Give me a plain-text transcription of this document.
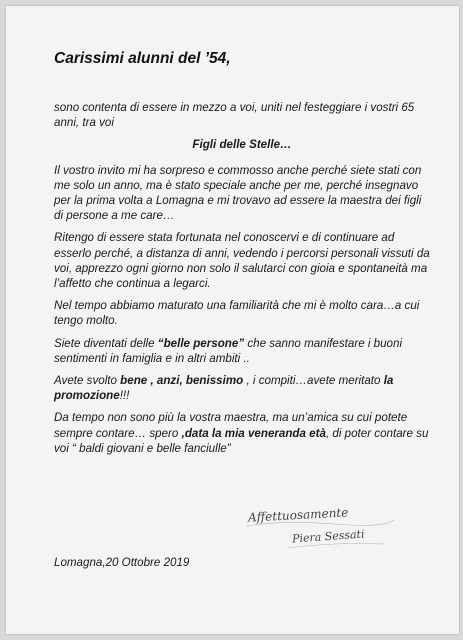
Carissimi alunni del ’54,

sono contenta di essere in mezzo a voi, uniti nel festeggiare i vostri 65 anni, tra voi

Figli delle Stelle…

Il vostro invito mi ha sorpreso e commosso anche perché siete stati con me solo un anno, ma è stato speciale anche per me, perché insegnavo per la prima volta a Lomagna e mi trovavo ad essere la maestra dei figli di persone a me care…

Ritengo di essere stata fortunata nel conoscervi e di continuare ad esserlo perché, a distanza di anni, vedendo i percorsi personali vissuti da voi, apprezzo ogni giorno non solo il salutarci con gioia e spontaneità ma l’affetto che continua a legarci.

Nel tempo abbiamo maturato una familiarità che mi è molto cara…a cui tengo molto.

Siete diventati delle “belle persone” che sanno manifestare i buoni sentimenti in famiglia e in altri ambiti ..

Avete svolto bene , anzi, benissimo , i compiti…avete meritato la promozione!!!

Da tempo non sono più la vostra maestra, ma un’amica su cui potete sempre contare… spero ,data la mia veneranda età, di poter contare su voi “ baldi giovani e belle fanciulle”

Affettuosamente
Piera Sessati
Lomagna,20 Ottobre 2019
